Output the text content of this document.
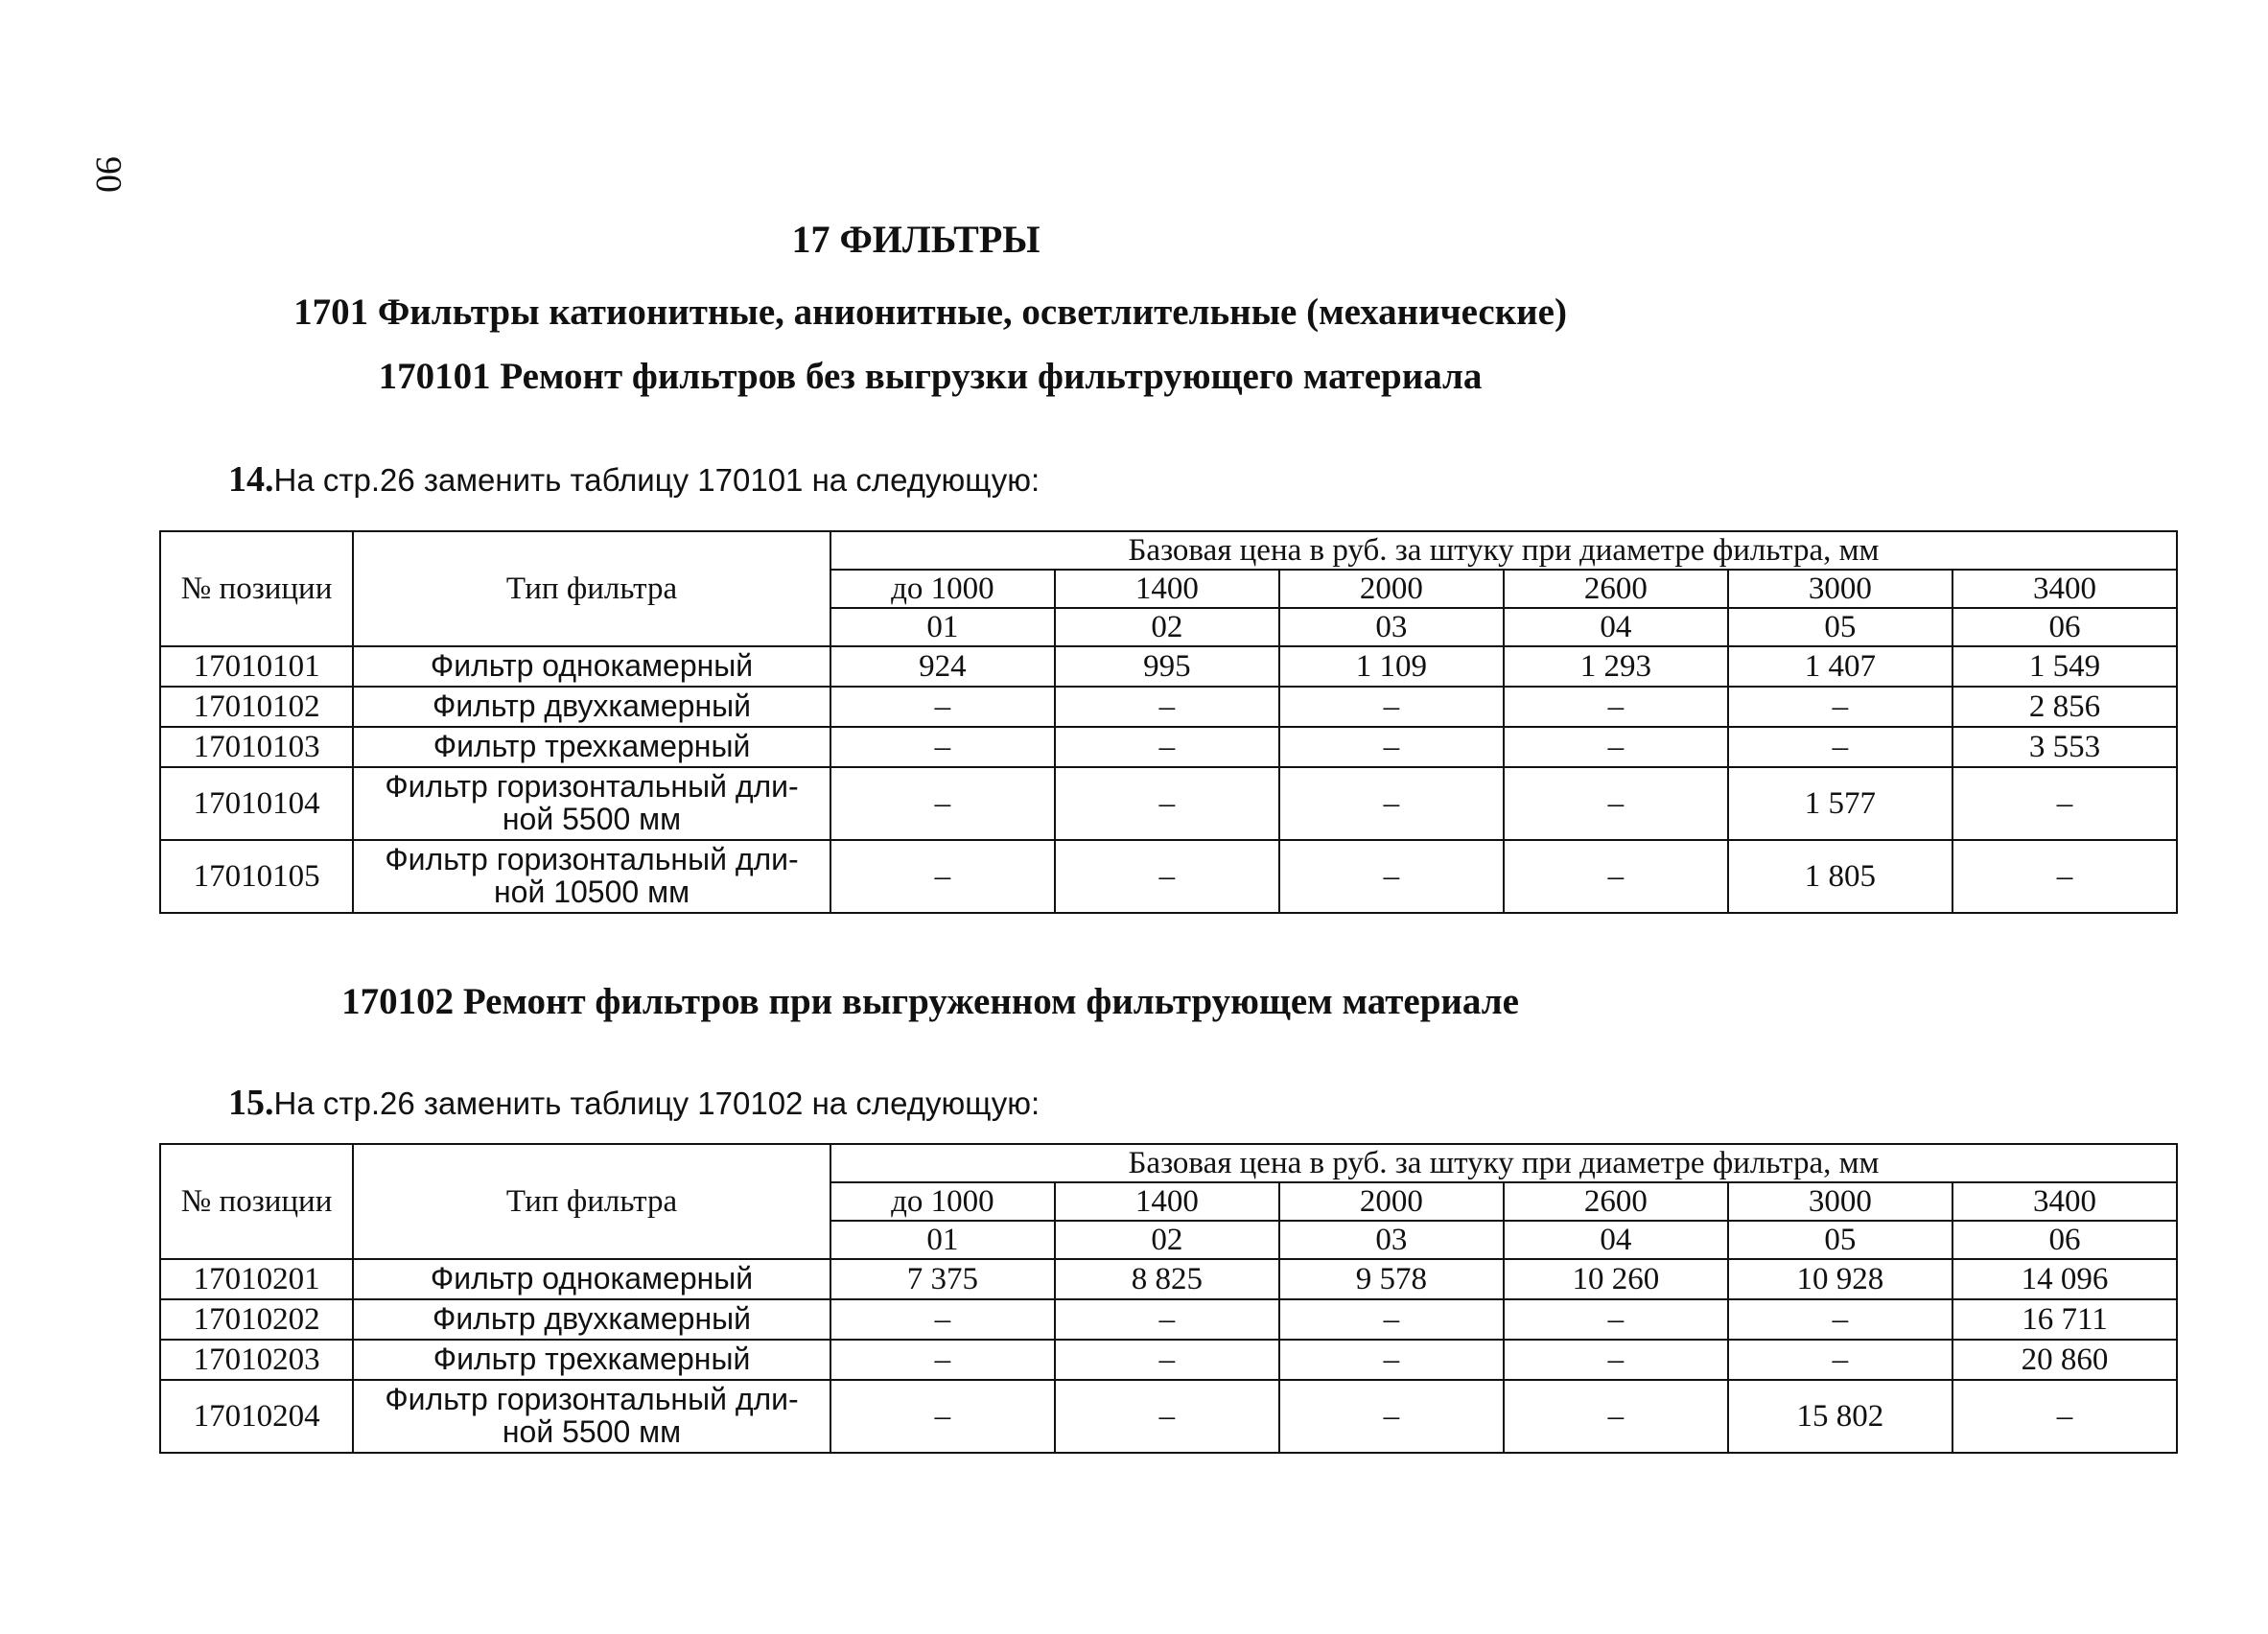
90
17 ФИЛЬТРЫ
1701 Фильтры катионитные, анионитные, осветлительные (механические)
170101 Ремонт фильтров без выгрузки фильтрующего материала
14.На стр.26 заменить таблицу 170101 на следующую:
№ позиции	Тип фильтра	Базовая цена в руб. за штуку при диаметре фильтра, мм					
		до 1000	1400	2000	2600	3000	3400
		01	02	03	04	05	06
17010101	Фильтр однокамерный	924	995	1 109	1 293	1 407	1 549
17010102	Фильтр двухкамерный	–	–	–	–	–	2 856
17010103	Фильтр трехкамерный	–	–	–	–	–	3 553
17010104	Фильтр горизонтальный дли-ной 5500 мм	–	–	–	–	1 577	–
17010105	Фильтр горизонтальный дли-ной 10500 мм	–	–	–	–	1 805	–
170102 Ремонт фильтров при выгруженном фильтрующем материале
15.На стр.26 заменить таблицу 170102 на следующую:
№ позиции	Тип фильтра	Базовая цена в руб. за штуку при диаметре фильтра, мм					
		до 1000	1400	2000	2600	3000	3400
		01	02	03	04	05	06
17010201	Фильтр однокамерный	7 375	8 825	9 578	10 260	10 928	14 096
17010202	Фильтр двухкамерный	–	–	–	–	–	16 711
17010203	Фильтр трехкамерный	–	–	–	–	–	20 860
17010204	Фильтр горизонтальный дли-ной 5500 мм	–	–	–	–	15 802	–
